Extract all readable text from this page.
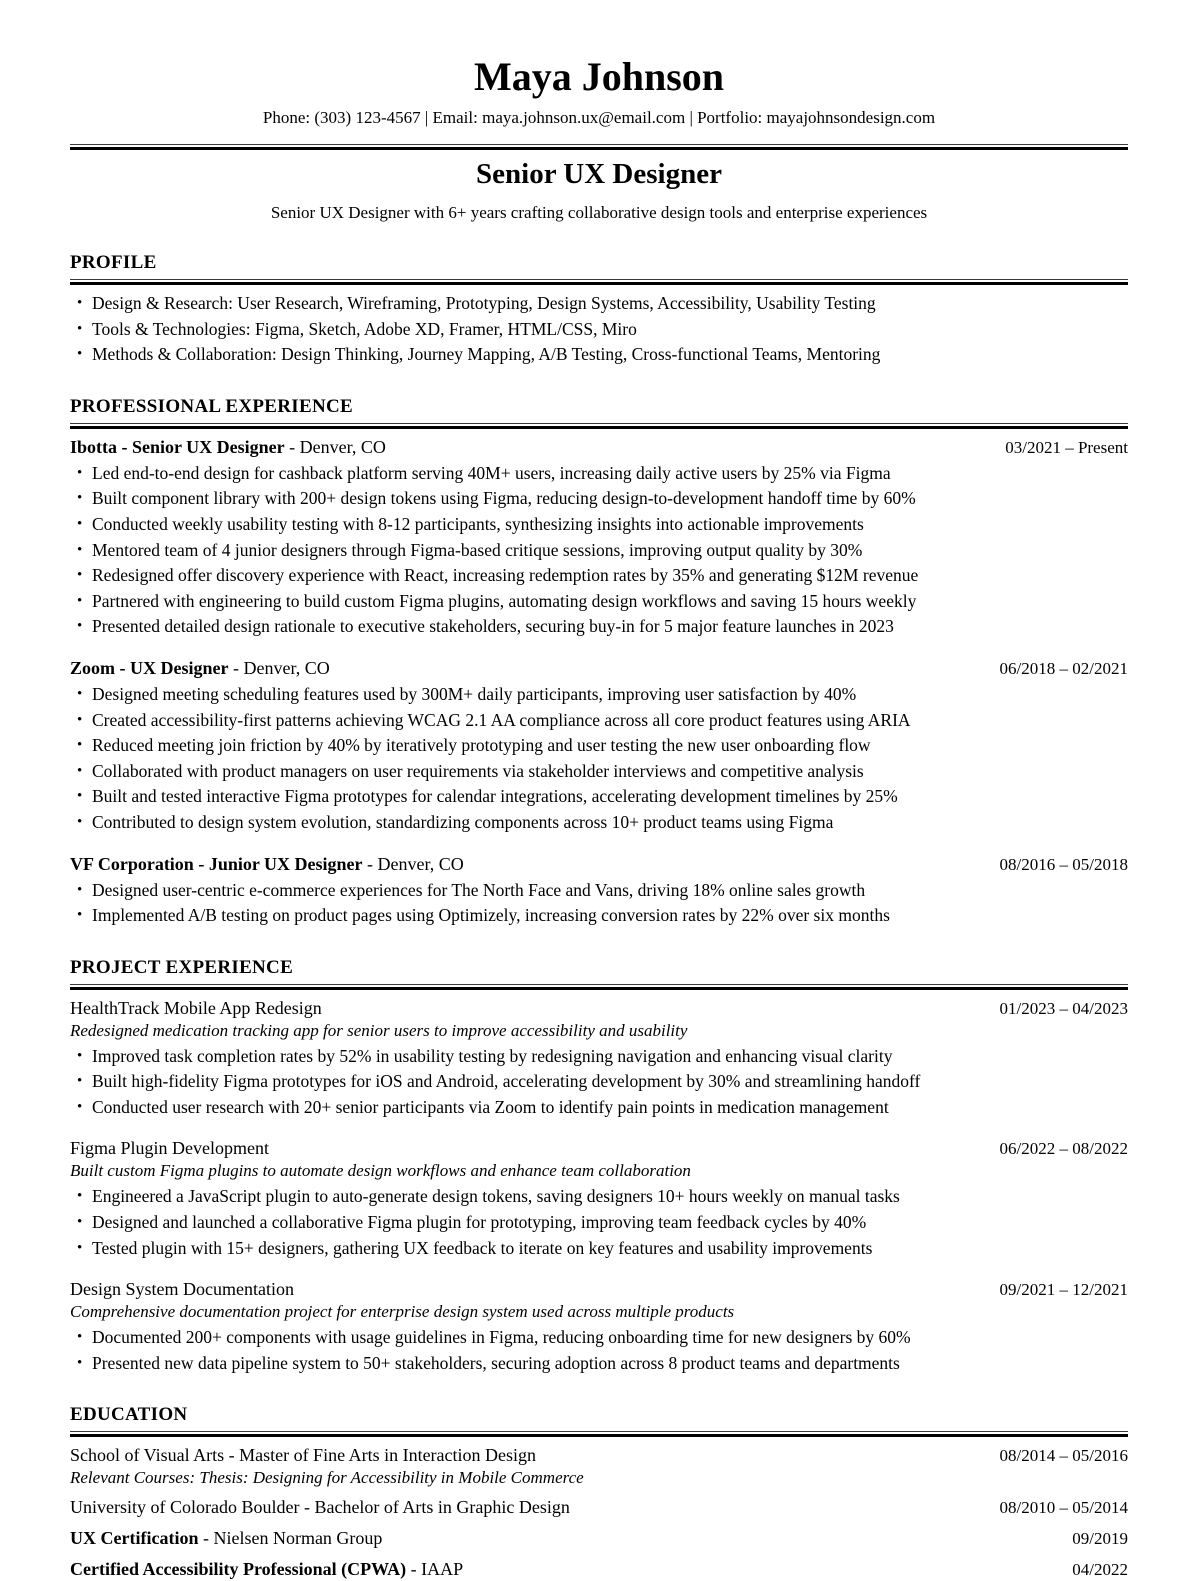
Maya Johnson
Phone: (303) 123-4567 | Email: maya.johnson.ux@email.com | Portfolio: mayajohnsondesign.com
Senior UX Designer
Senior UX Designer with 6+ years crafting collaborative design tools and enterprise experiences
PROFILE
• Design & Research: User Research, Wireframing, Prototyping, Design Systems, Accessibility, Usability Testing
• Tools & Technologies: Figma, Sketch, Adobe XD, Framer, HTML/CSS, Miro
• Methods & Collaboration: Design Thinking, Journey Mapping, A/B Testing, Cross-functional Teams, Mentoring
PROFESSIONAL EXPERIENCE
Ibotta - Senior UX Designer - Denver, CO	03/2021 – Present
• Led end-to-end design for cashback platform serving 40M+ users, increasing daily active users by 25% via Figma
• Built component library with 200+ design tokens using Figma, reducing design-to-development handoff time by 60%
• Conducted weekly usability testing with 8-12 participants, synthesizing insights into actionable improvements
• Mentored team of 4 junior designers through Figma-based critique sessions, improving output quality by 30%
• Redesigned offer discovery experience with React, increasing redemption rates by 35% and generating $12M revenue
• Partnered with engineering to build custom Figma plugins, automating design workflows and saving 15 hours weekly
• Presented detailed design rationale to executive stakeholders, securing buy-in for 5 major feature launches in 2023
Zoom - UX Designer - Denver, CO	06/2018 – 02/2021
• Designed meeting scheduling features used by 300M+ daily participants, improving user satisfaction by 40%
• Created accessibility-first patterns achieving WCAG 2.1 AA compliance across all core product features using ARIA
• Reduced meeting join friction by 40% by iteratively prototyping and user testing the new user onboarding flow
• Collaborated with product managers on user requirements via stakeholder interviews and competitive analysis
• Built and tested interactive Figma prototypes for calendar integrations, accelerating development timelines by 25%
• Contributed to design system evolution, standardizing components across 10+ product teams using Figma
VF Corporation - Junior UX Designer - Denver, CO	08/2016 – 05/2018
• Designed user-centric e-commerce experiences for The North Face and Vans, driving 18% online sales growth
• Implemented A/B testing on product pages using Optimizely, increasing conversion rates by 22% over six months
PROJECT EXPERIENCE
HealthTrack Mobile App Redesign	01/2023 – 04/2023
Redesigned medication tracking app for senior users to improve accessibility and usability
• Improved task completion rates by 52% in usability testing by redesigning navigation and enhancing visual clarity
• Built high-fidelity Figma prototypes for iOS and Android, accelerating development by 30% and streamlining handoff
• Conducted user research with 20+ senior participants via Zoom to identify pain points in medication management
Figma Plugin Development	06/2022 – 08/2022
Built custom Figma plugins to automate design workflows and enhance team collaboration
• Engineered a JavaScript plugin to auto-generate design tokens, saving designers 10+ hours weekly on manual tasks
• Designed and launched a collaborative Figma plugin for prototyping, improving team feedback cycles by 40%
• Tested plugin with 15+ designers, gathering UX feedback to iterate on key features and usability improvements
Design System Documentation	09/2021 – 12/2021
Comprehensive documentation project for enterprise design system used across multiple products
• Documented 200+ components with usage guidelines in Figma, reducing onboarding time for new designers by 60%
• Presented new data pipeline system to 50+ stakeholders, securing adoption across 8 product teams and departments
EDUCATION
School of Visual Arts - Master of Fine Arts in Interaction Design	08/2014 – 05/2016
Relevant Courses: Thesis: Designing for Accessibility in Mobile Commerce
University of Colorado Boulder - Bachelor of Arts in Graphic Design	08/2010 – 05/2014
UX Certification - Nielsen Norman Group	09/2019
Certified Accessibility Professional (CPWA) - IAAP	04/2022
